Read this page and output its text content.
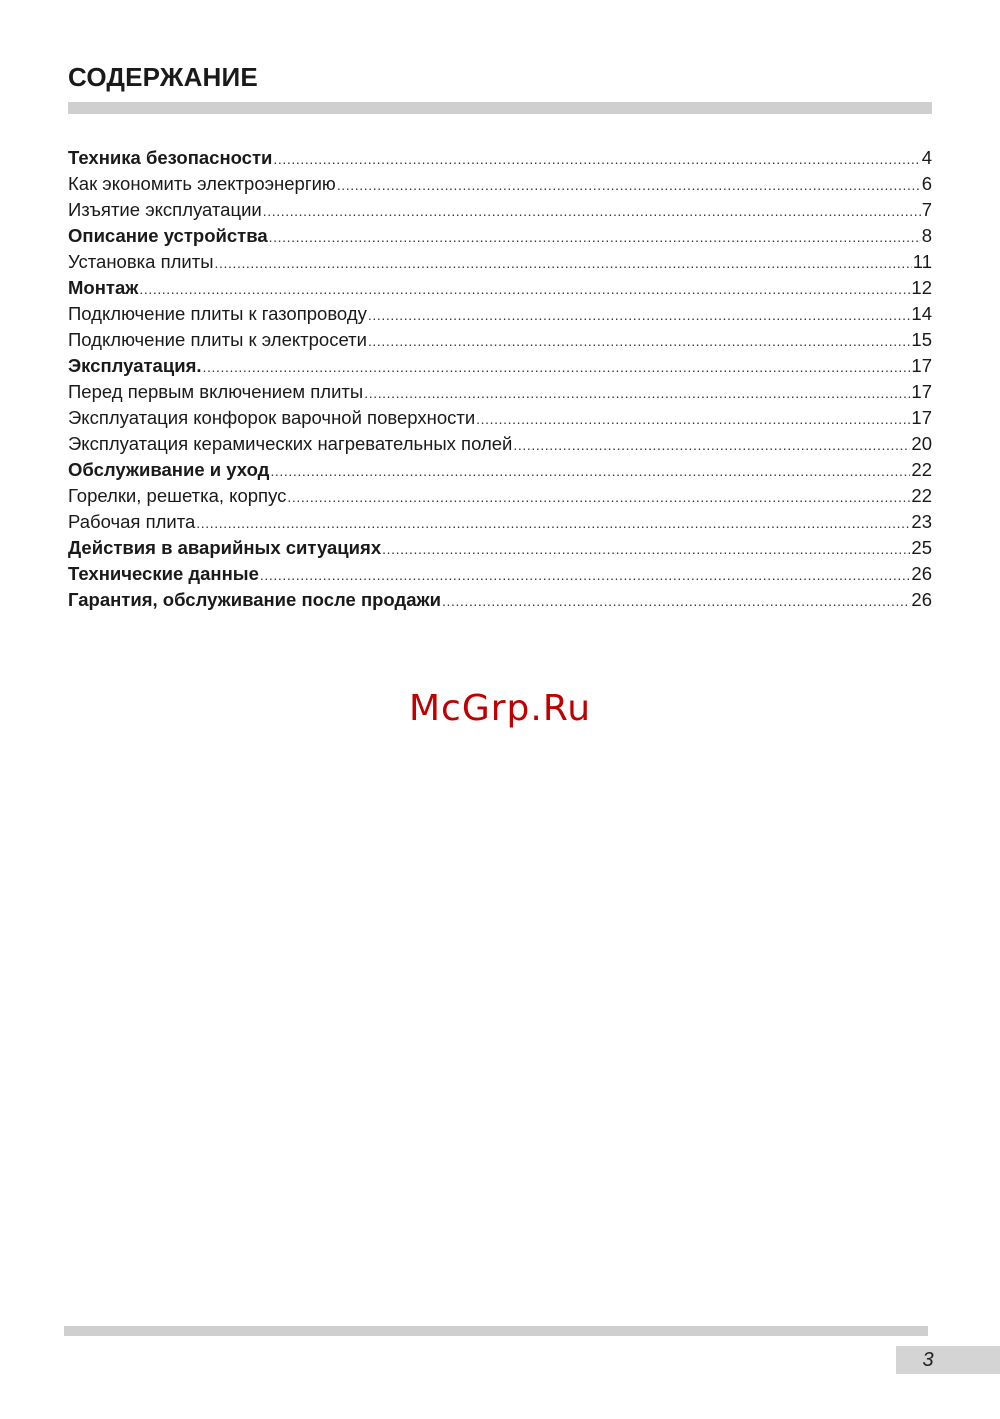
СОДЕРЖАНИЕ
Техника безопасности .....	4
Как экономить электроэнергию .....	6
Изъятие эксплуатации .....	7
Описание устройства .....	8
Установка плиты .....	11
Монтаж .....	12
Подключение плиты к газопроводу .....	14
Подключение плиты к электросети .....	15
Эксплуатация. .....	17
Перед первым включением плиты .....	17
Эксплуатация конфорок варочной поверхности .....	17
Эксплуатация керамических нагревательных полей .....	20
Обслуживание и уход .....	22
Горелки, решетка, корпус .....	22
Рабочая плита .....	23
Действия в аварийных ситуациях .....	25
Технические данные .....	26
Гарантия, обслуживание после продажи .....	26
McGrp.Ru
3
